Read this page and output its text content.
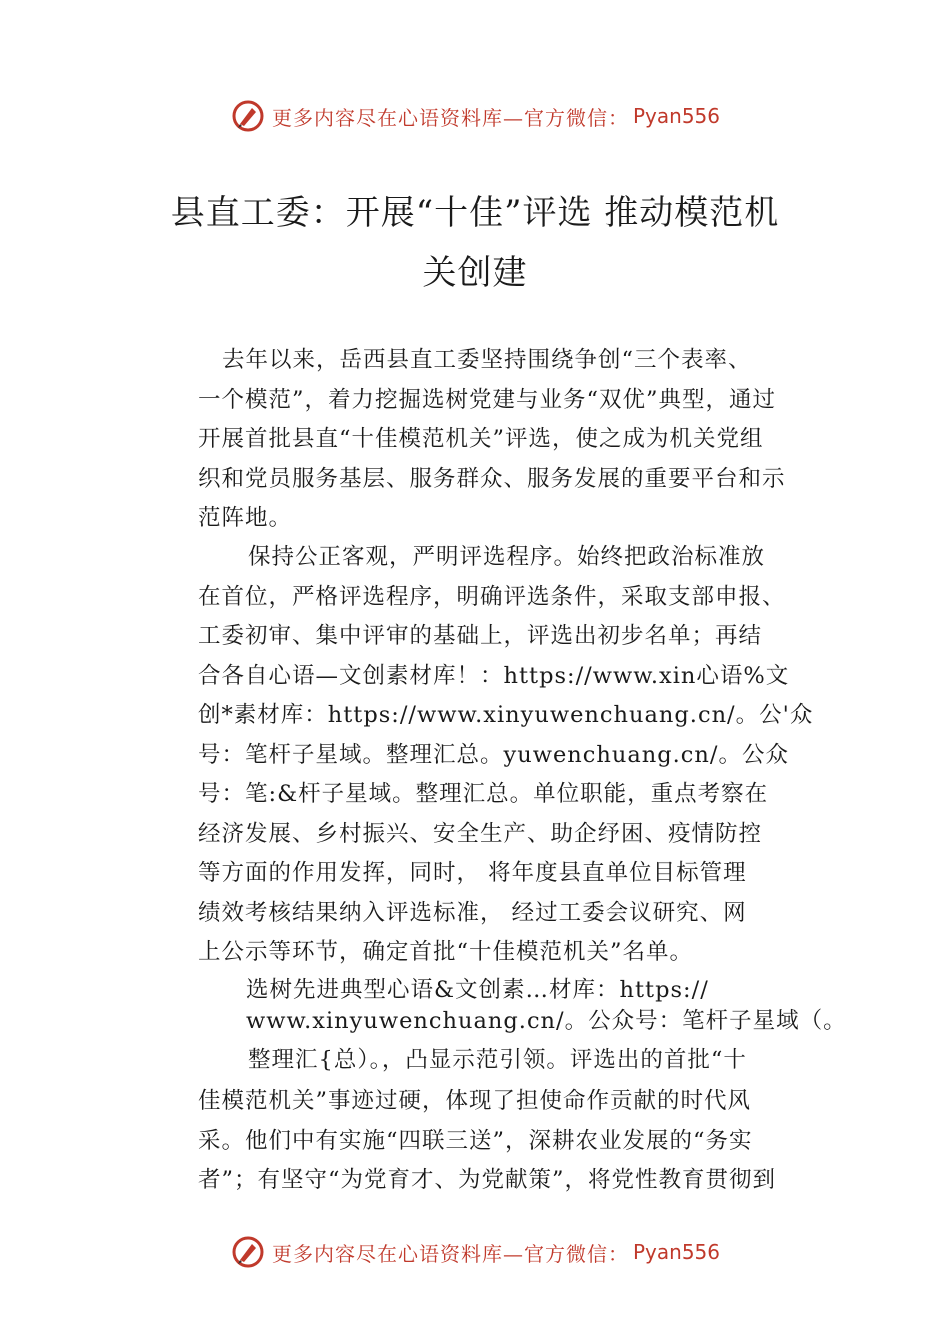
更多内容尽在心语资料库—官方微信： Pyan556
县直工委：开展“十佳”评选 推动模范机
关创建
去年以来，岳西县直工委坚持围绕争创“三个表率、
一个模范”，着力挖掘选树党建与业务“双优”典型，通过
开展首批县直“十佳模范机关”评选，使之成为机关党组
织和党员服务基层、服务群众、服务发展的重要平台和示
范阵地。
保持公正客观，严明评选程序。始终把政治标准放
在首位，严格评选程序，明确评选条件，采取支部申报、
工委初审、集中评审的基础上，评选出初步名单；再结
合各自心语—文创素材库！：https://www.xin心语%文
创*素材库：https://www.xinyuwenchuang.cn/。公'众
号：笔杆子星域。整理汇总。yuwenchuang.cn/。公众
号：笔:&杆子星域。整理汇总。单位职能，重点考察在
经济发展、乡村振兴、安全生产、助企纾困、疫情防控
等方面的作用发挥，同时， 将年度县直单位目标管理
绩效考核结果纳入评选标准， 经过工委会议研究、网
上公示等环节，确定首批“十佳模范机关”名单。
选树先进典型心语&文创素…材库：https://
www.xinyuwenchuang.cn/。公众号：笔杆子星域（。
整理汇{总）。，凸显示范引领。评选出的首批“十
佳模范机关”事迹过硬，体现了担使命作贡献的时代风
采。他们中有实施“四联三送”，深耕农业发展的“务实
者”；有坚守“为党育才、为党献策”，将党性教育贯彻到
更多内容尽在心语资料库—官方微信： Pyan556
